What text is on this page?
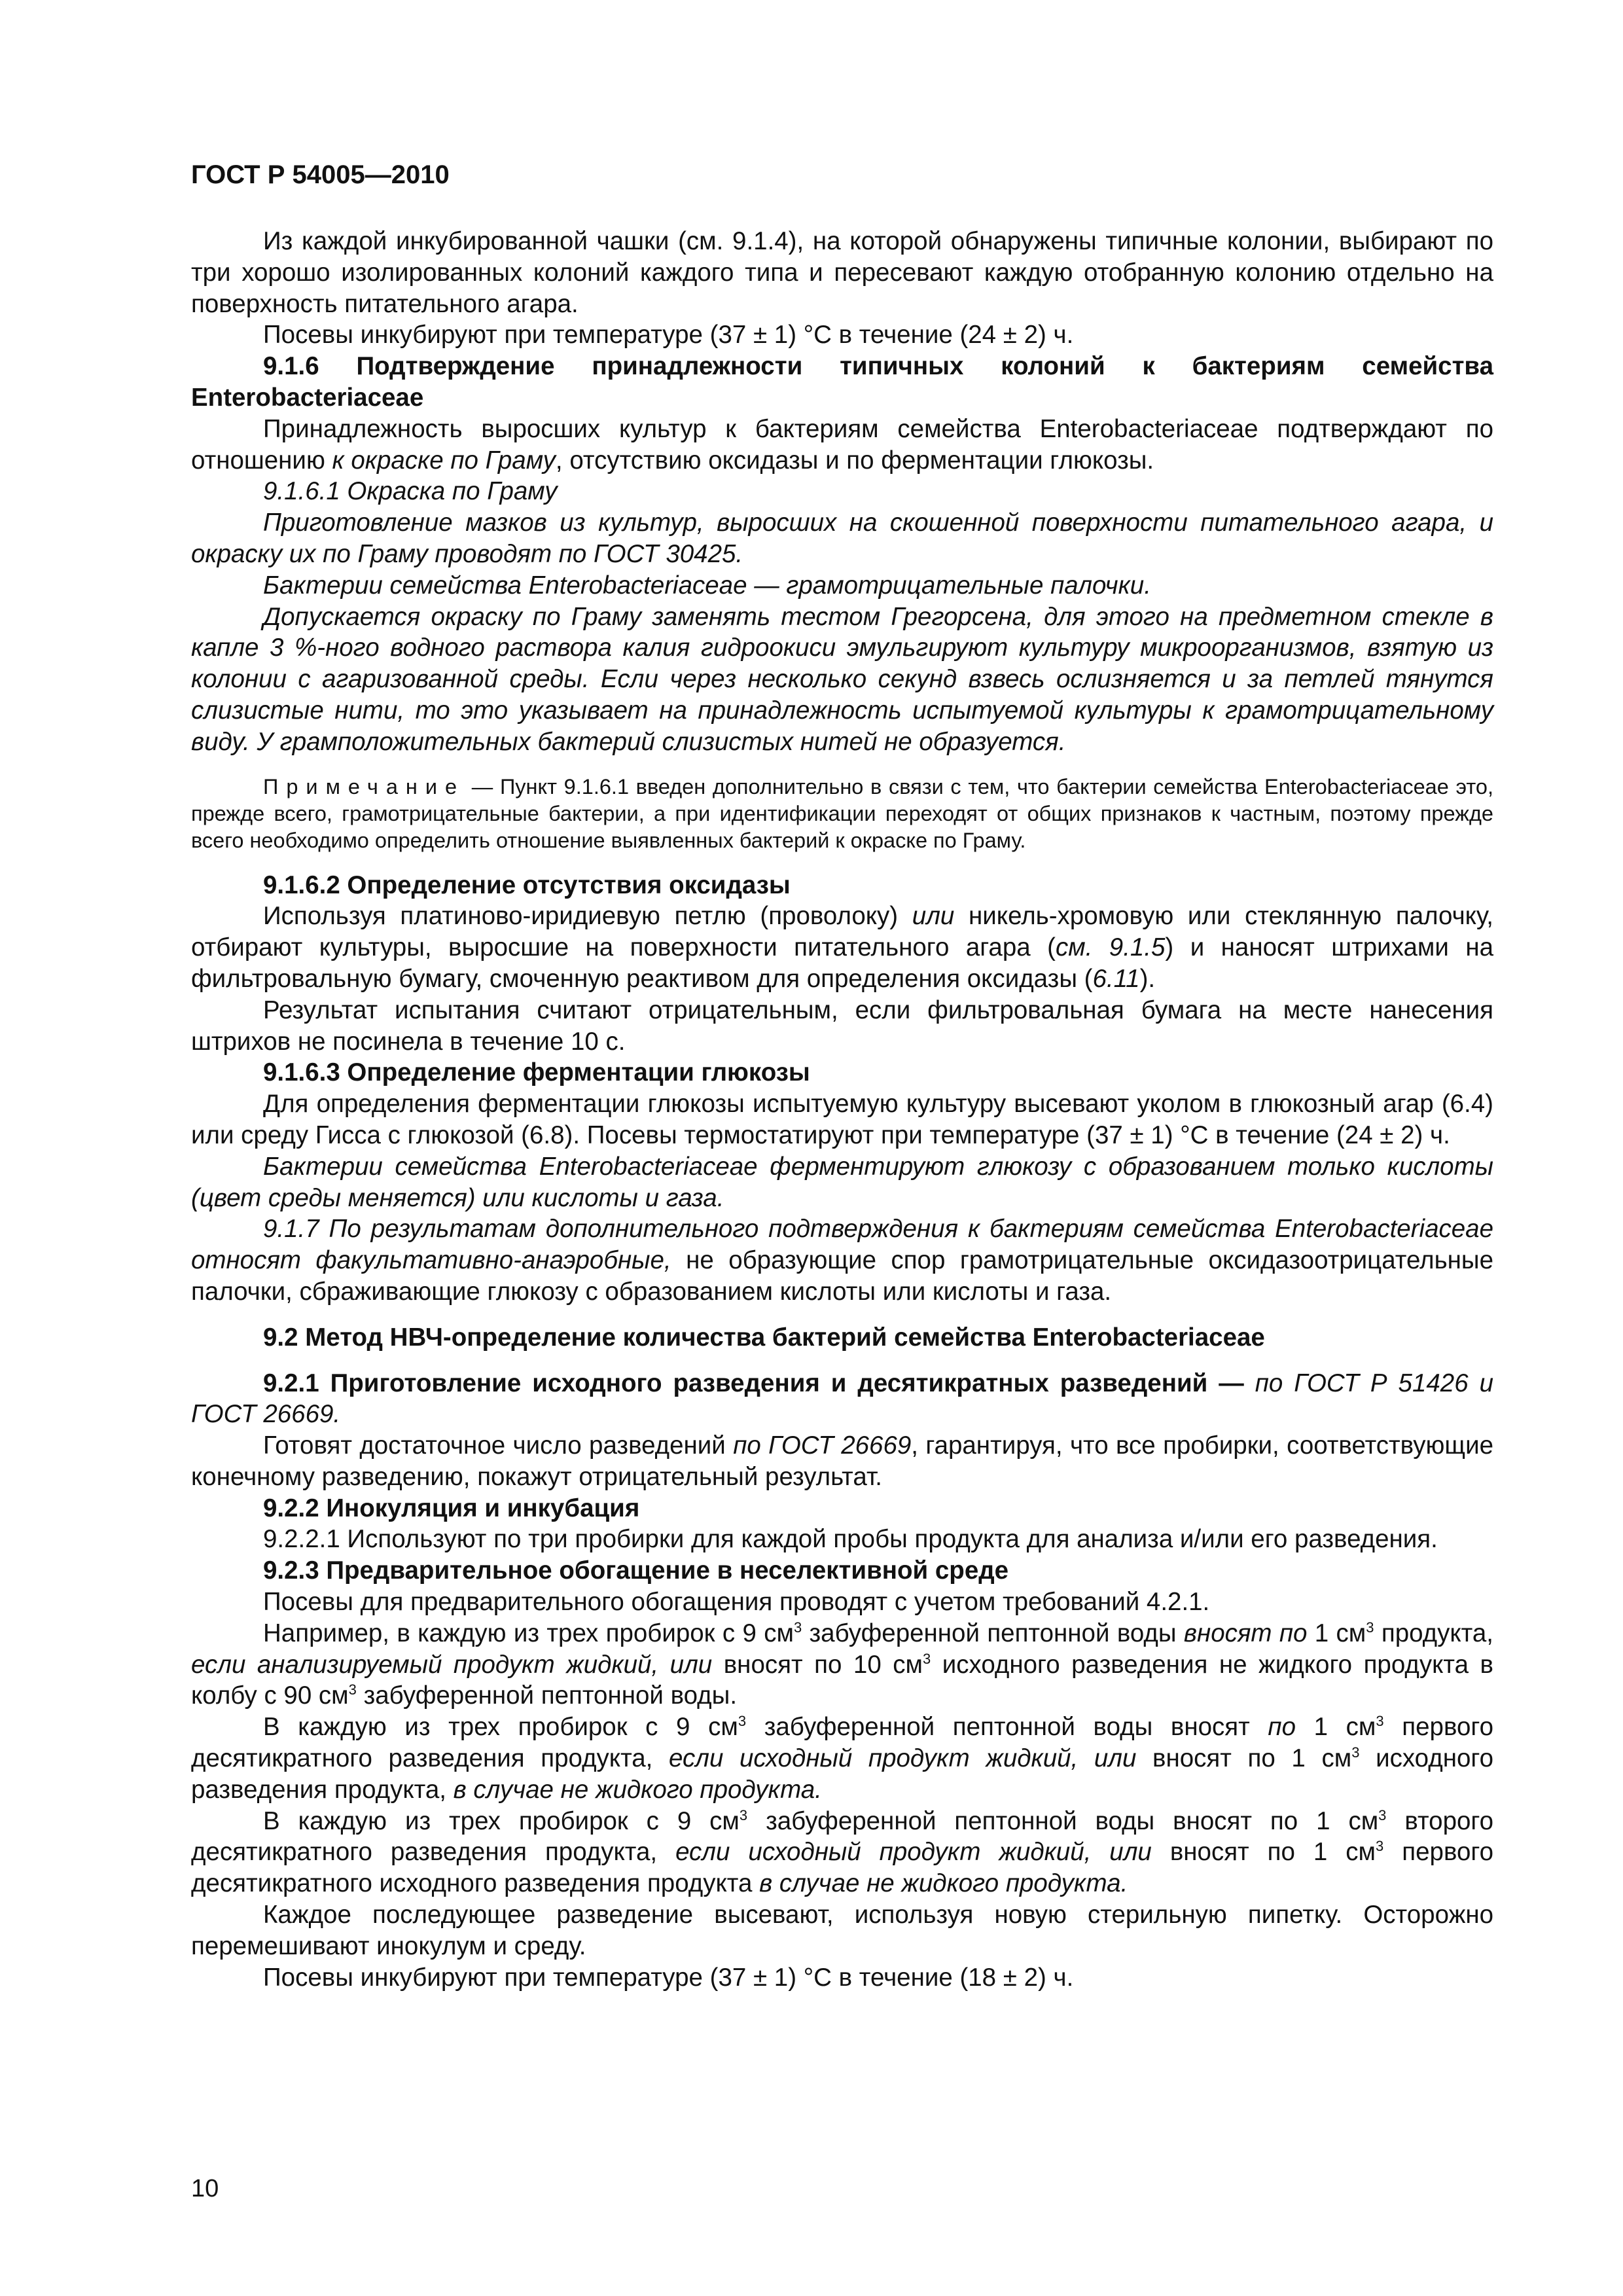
ГОСТ Р 54005—2010

Из каждой инкубированной чашки (см. 9.1.4), на которой обнаружены типичные колонии, выбирают по три хорошо изолированных колоний каждого типа и пересевают каждую отобранную колонию отдельно на поверхность питательного агара.

Посевы инкубируют при температуре (37 ± 1) °С в течение (24 ± 2) ч.

9.1.6 Подтверждение принадлежности типичных колоний к бактериям семейства Enterobacteriaceae

Принадлежность выросших культур к бактериям семейства Enterobacteriaceae подтверждают по отношению к окраске по Граму, отсутствию оксидазы и по ферментации глюкозы.

9.1.6.1 Окраска по Граму

Приготовление мазков из культур, выросших на скошенной поверхности питательного агара, и окраску их по Граму проводят по ГОСТ 30425.

Бактерии семейства Enterobacteriaceae — грамотрицательные палочки.

Допускается окраску по Граму заменять тестом Грегорсена, для этого на предметном стекле в капле 3 %-ного водного раствора калия гидроокиси эмульгируют культуру микроорганизмов, взятую из колонии с агаризованной среды. Если через несколько секунд взвесь ослизняется и за петлей тянутся слизистые нити, то это указывает на принадлежность испытуемой культуры к грамотрицательному виду. У грамположительных бактерий слизистых нитей не образуется.

Примечание — Пункт 9.1.6.1 введен дополнительно в связи с тем, что бактерии семейства Enterobacteriaceae это, прежде всего, грамотрицательные бактерии, а при идентификации переходят от общих признаков к частным, поэтому прежде всего необходимо определить отношение выявленных бактерий к окраске по Граму.

9.1.6.2 Определение отсутствия оксидазы

Используя платиново-иридиевую петлю (проволоку) или никель-хромовую или стеклянную палочку, отбирают культуры, выросшие на поверхности питательного агара (см. 9.1.5) и наносят штрихами на фильтровальную бумагу, смоченную реактивом для определения оксидазы (6.11).

Результат испытания считают отрицательным, если фильтровальная бумага на месте нанесения штрихов не посинела в течение 10 с.

9.1.6.3 Определение ферментации глюкозы

Для определения ферментации глюкозы испытуемую культуру высевают уколом в глюкозный агар (6.4) или среду Гисса с глюкозой (6.8). Посевы термостатируют при температуре (37 ± 1) °С в течение (24 ± 2) ч.

Бактерии семейства Enterobacteriaceae ферментируют глюкозу с образованием только кислоты (цвет среды меняется) или кислоты и газа.

9.1.7 По результатам дополнительного подтверждения к бактериям семейства Enterobacteriaceae относят факультативно-анаэробные, не образующие спор грамотрицательные оксидазоотрицательные палочки, сбраживающие глюкозу с образованием кислоты или кислоты и газа.

9.2 Метод НВЧ-определение количества бактерий семейства Enterobacteriaceae

9.2.1 Приготовление исходного разведения и десятикратных разведений — по ГОСТ Р 51426 и ГОСТ 26669.

Готовят достаточное число разведений по ГОСТ 26669, гарантируя, что все пробирки, соответствующие конечному разведению, покажут отрицательный результат.

9.2.2 Инокуляция и инкубация

9.2.2.1 Используют по три пробирки для каждой пробы продукта для анализа и/или его разведения.

9.2.3 Предварительное обогащение в неселективной среде

Посевы для предварительного обогащения проводят с учетом требований 4.2.1.

Например, в каждую из трех пробирок с 9 $см^3$ забуференной пептонной воды вносят по 1 $см^3$ продукта, если анализируемый продукт жидкий, или вносят по 10 $см^3$ исходного разведения не жидкого продукта в колбу с 90 $см^3$ забуференной пептонной воды.

В каждую из трех пробирок с 9 $см^3$ забуференной пептонной воды вносят по 1 $см^3$ первого десятикратного разведения продукта, если исходный продукт жидкий, или вносят по 1 $см^3$ исходного разведения продукта, в случае не жидкого продукта.

В каждую из трех пробирок с 9 $см^3$ забуференной пептонной воды вносят по 1 $см^3$ второго десятикратного разведения продукта, если исходный продукт жидкий, или вносят по 1 $см^3$ первого десятикратного исходного разведения продукта в случае не жидкого продукта.

Каждое последующее разведение высевают, используя новую стерильную пипетку. Осторожно перемешивают инокулум и среду.

Посевы инкубируют при температуре (37 ± 1) °С в течение (18 ± 2) ч.

10
